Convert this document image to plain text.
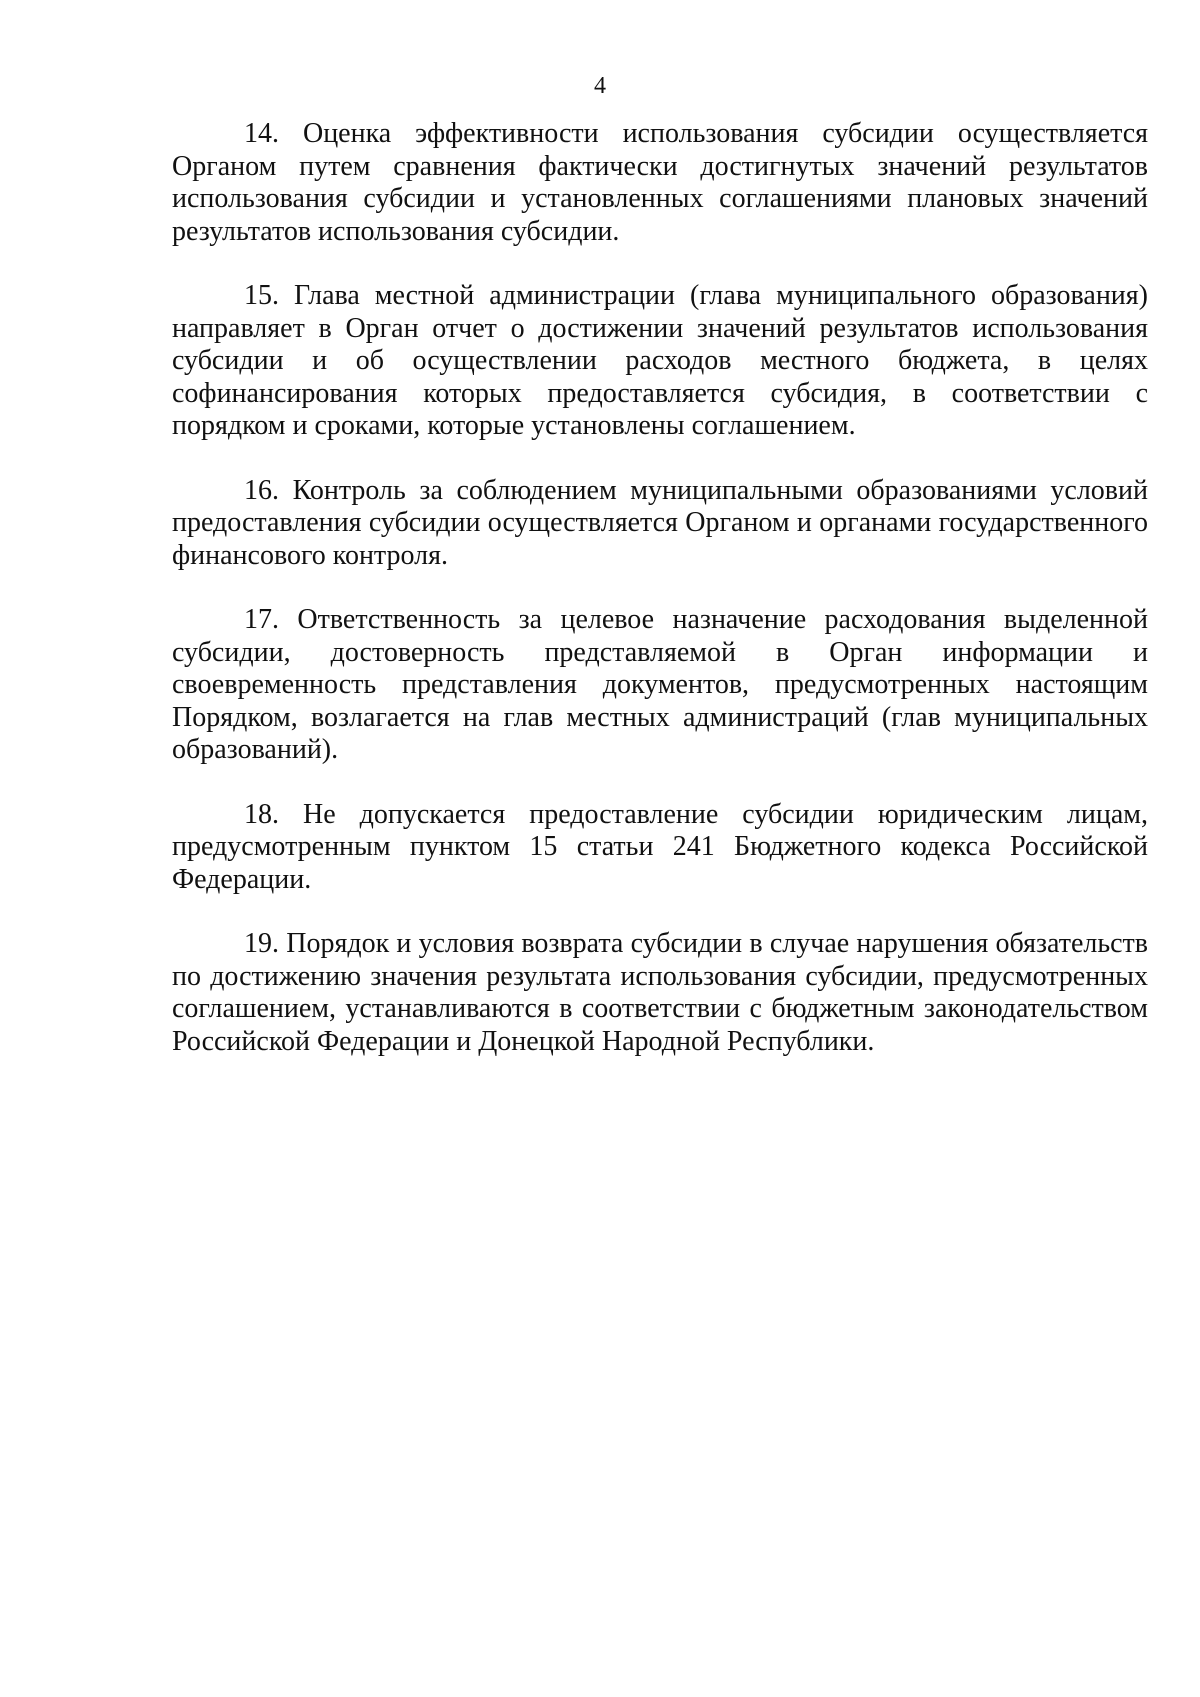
4

14. Оценка эффективности использования субсидии осуществляется Органом путем сравнения фактически достигнутых значений результатов использования субсидии и установленных соглашениями плановых значений результатов использования субсидии.

15. Глава местной администрации (глава муниципального образования) направляет в Орган отчет о достижении значений результатов использования субсидии и об осуществлении расходов местного бюджета, в целях софинансирования которых предоставляется субсидия, в соответствии с порядком и сроками, которые установлены соглашением.

16. Контроль за соблюдением муниципальными образованиями условий предоставления субсидии осуществляется Органом и органами государственного финансового контроля.

17. Ответственность за целевое назначение расходования выделенной субсидии, достоверность представляемой в Орган информации и своевременность представления документов, предусмотренных настоящим Порядком, возлагается на глав местных администраций (глав муниципальных образований).

18. Не допускается предоставление субсидии юридическим лицам, предусмотренным пунктом 15 статьи 241 Бюджетного кодекса Российской Федерации.

19. Порядок и условия возврата субсидии в случае нарушения обязательств по достижению значения результата использования субсидии, предусмотренных соглашением, устанавливаются в соответствии с бюджетным законодательством Российской Федерации и Донецкой Народной Республики.
